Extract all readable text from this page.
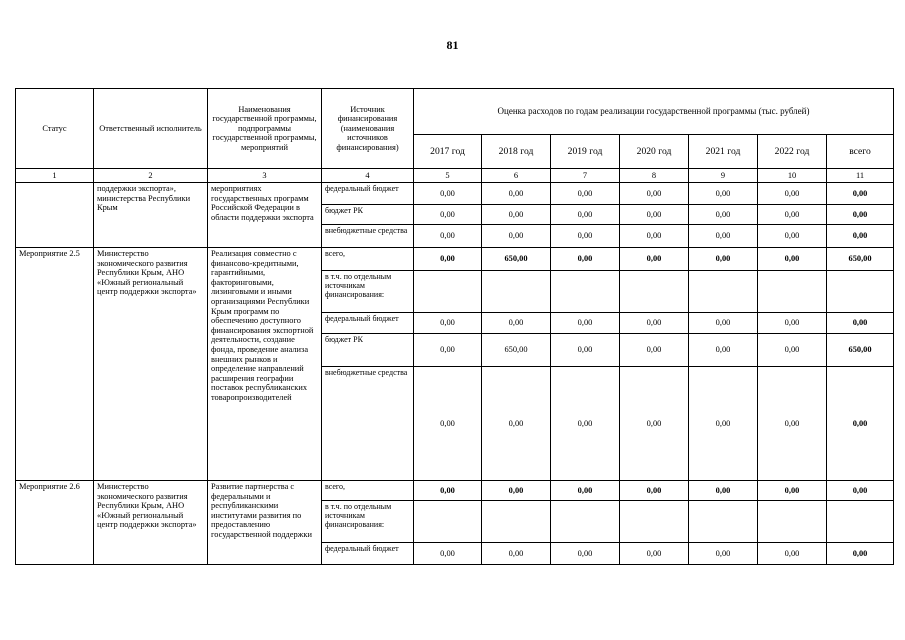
81
Статус	Ответственный исполнитель	Наименования государственной программы, подпрограммы государственной программы, мероприятий	Источник финансирования (наименования источников финансирования)	Оценка расходов по годам реализации государственной программы (тыс. рублей)						
				2017 год	2018 год	2019 год	2020 год	2021 год	2022 год	всего
1	2	3	4	5	6	7	8	9	10	11
	поддержки экспорта», министерства Республики Крым	мероприятиях государственных программ Российской Федерации в области поддержки экспорта	федеральный бюджет	0,00	0,00	0,00	0,00	0,00	0,00	0,00
			бюджет РК	0,00	0,00	0,00	0,00	0,00	0,00	0,00
			внебюджетные средства	0,00	0,00	0,00	0,00	0,00	0,00	0,00
Мероприятие 2.5	Министерство экономического развития Республики Крым, АНО «Южный региональный центр поддержки экспорта»	Реализация совместно с финансово-кредитными, гарантийными, факторинговыми, лизинговыми и иными организациями Республики Крым программ по обеспечению доступного финансирования экспортной деятельности, создание фонда, проведение анализа внешних рынков и определение направлений расширения географии поставок республиканских товаропроизводителей	всего,	0,00	650,00	0,00	0,00	0,00	0,00	650,00
			в т.ч. по отдельным источникам финансирования:							
			федеральный бюджет	0,00	0,00	0,00	0,00	0,00	0,00	0,00
			бюджет РК	0,00	650,00	0,00	0,00	0,00	0,00	650,00
			внебюджетные средства	0,00	0,00	0,00	0,00	0,00	0,00	0,00
Мероприятие 2.6	Министерство экономического развития Республики Крым, АНО «Южный региональный центр поддержки экспорта»	Развитие партнерства с федеральными и республиканскими институтами развития по предоставлению государственной поддержки	всего,	0,00	0,00	0,00	0,00	0,00	0,00	0,00
			в т.ч. по отдельным источникам финансирования:							
			федеральный бюджет	0,00	0,00	0,00	0,00	0,00	0,00	0,00
